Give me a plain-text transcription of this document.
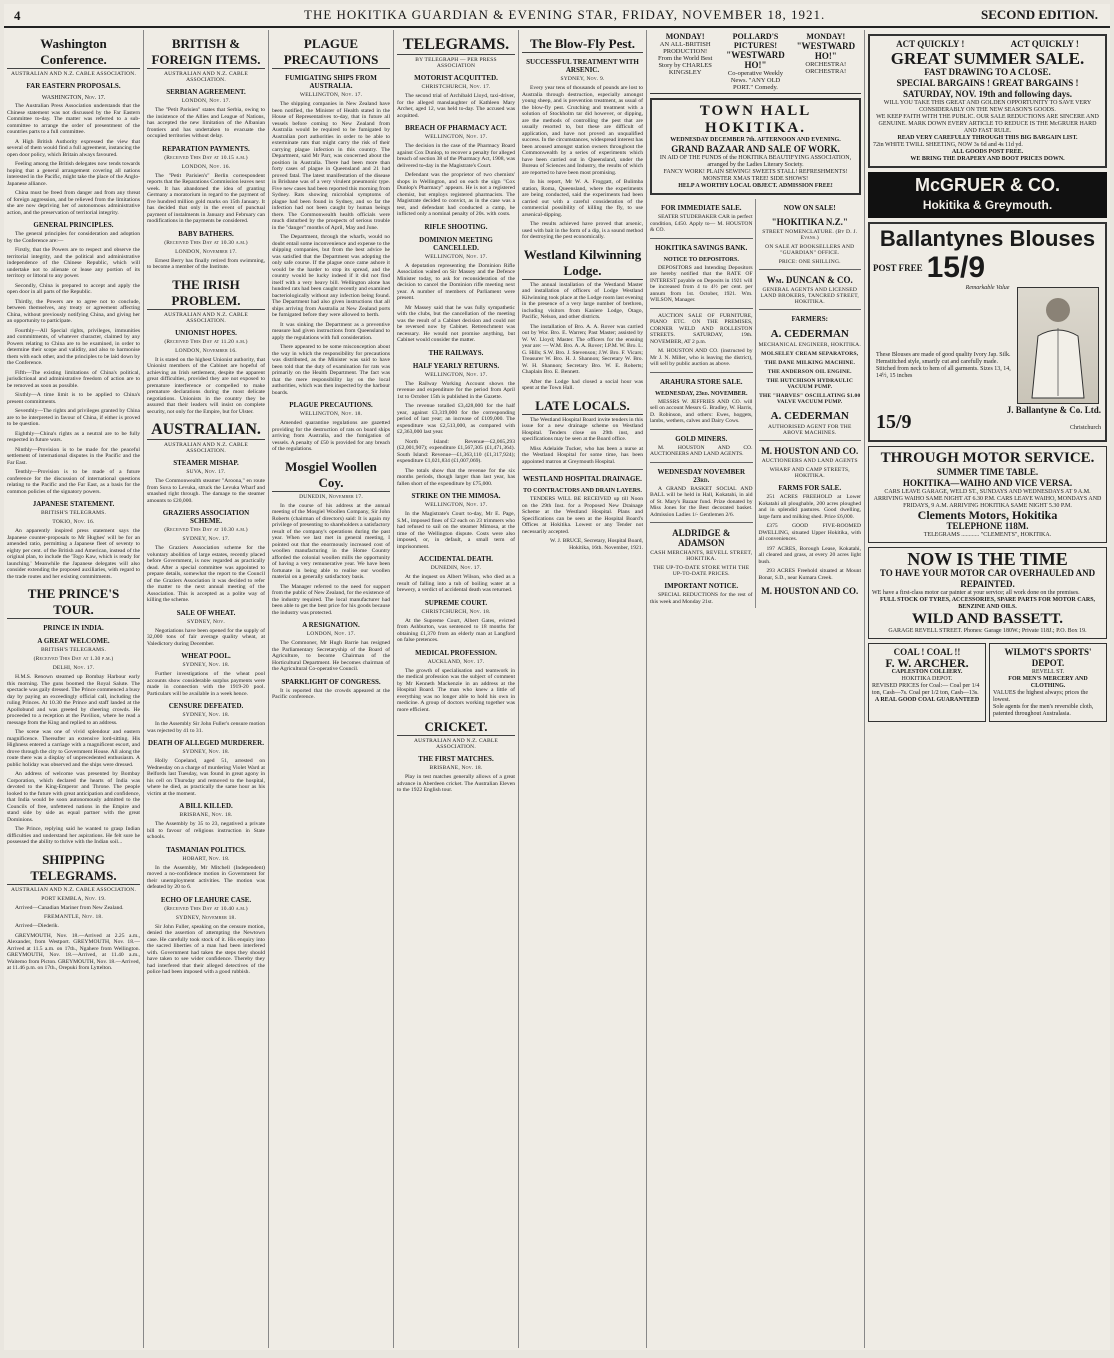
4	THE HOKITIKA GUARDIAN & EVENING STAR, FRIDAY, NOVEMBER 18, 1921.	SECOND EDITION.
Washington Conference.
AUSTRALIAN AND N.Z. CABLE ASSOCIATION.
FAR EASTERN PROPOSALS.
WASHINGTON, Nov. 17.

The Australian Press Association understands that the Chinese statement was not discussed by the Far Eastern Committee to-day. The matter was referred to a sub-committee to arrange the order of presentment of the countries parts to a full committee.

A High British Authority expressed the view that several of them would find a full agreement, instancing the open door policy, which Britain always favoured.

Feeling among the British delegates now tends towards hoping that a general arrangement covering all nations interested in the Pacific, might take the place of the Anglo-Japanese alliance.

China must be freed from danger and from any threat of foreign aggression, and be relieved from the limitations she are now depriving her of autonomous administrative action, and the preservation of territorial integrity.

GENERAL PRINCIPLES.

The general principles for consideration and adoption by the Conference are:—

Firstly, that the Powers are to respect and observe the territorial integrity, and the political and administrative independence of the Chinese Republic, which will undertake not to alienate or lease any portion of its territory or littoral to any power.

Secondly, China is prepared to accept and apply the open door in all parts of the Republic.

Thirdly, the Powers are to agree not to conclude, between themselves, any treaty or agreement affecting China, without previously notifying China, and giving her an opportunity to participate.

Fourthly—All Special rights, privileges, immunities and commitments, of whatever character, claimed by any Powers relating to China are to be examined, in order to determine their scope and validity, and also to harmonise them with each other, and the principles to be laid down by the Conference.

Fifth—The existing limitations of China's political, jurisdictional and administrative freedom of action are to be removed as soon as possible.

Sixthly—A time limit is to be applied to China's present commitments.

Seventhly—The rights and privileges granted by China are to be interpreted in favour of China, if either is proved to be question.

Eighthly—China's rights as a neutral are to be fully respected in future wars.

Ninthly—Provision is to be made for the peaceful settlement of international disputes in the Pacific and the Far East.

Tenthly—Provision is to be made of a future conference for the discussion of international questions relating to the Pacific and the Far East, as a basis for the common policies of the signatory powers.

JAPANESE STATEMENT.
BRITISH'S TELEGRAMS.
TOKIO, Nov. 16.

An apparently inspired press statement says the Japanese counter-proposals to Mr Hughes' will be for an amended ratio, permitting a Japanese fleet of seventy to eighty per cent. of the British and American, instead of the original plan, to include the 'Togo Kaw, which is ready for launching.' Meanwhile the Japanese delegates will also consider extending the proposed auxiliaries, with regard to the trade routes and her existing commitments.

THE PRINCE'S TOUR.
PRINCE IN INDIA.
A GREAT WELCOME.
BRITISH'S TELEGRAMS.
(Received This Day at 1.30 p.m.)
DELHI, Nov. 17.

H.M.S. Renown steamed up Bombay Harbour early this morning. The guns boomed the Royal Salute. The spectacle was gaily dressed. The Prince commenced a busy day by paying an exceedingly official call, including the ruling Princes. At 10.30 the Prince and staff landed at the Apollobund and was greeted by cheering crowds. He proceeded to a reception at the Pavilion, where he read a message from the King and replied to an address.

The scene was one of vivid splendour and eastern magnificence. Thereafter an extensive lord-sitting. His Highness entered a carriage with a magnificent escort, and drove through the city to Government House. All along the route there was a display of unprecedented enthusiasm. A public holiday was observed and the ships were dressed.

An address of welcome was presented by Bombay Corporation, which declared the hearts of India was devoted to the King-Emperor and Throne. The people looked to the future with great anticipation and confidence, that India would be soon autonomously admitted to the Councils of free, unfettered nations in the Empire and stand side by side as equal partner with the great Dominions.

The Prince, replying said he wanted to grasp Indian difficulties and understand her aspirations. He felt sure he possessed the ability to thrive with the Indian soil...

SHIPPING TELEGRAMS.
AUSTRALIAN AND N.Z. CABLE ASSOCIATION.
PORT KEMBLA, Nov. 19.

Arrived—Canadian Mariner from New Zealand.

FREMANTLE, Nov. 18.

Arrived—Diederik.

GREYMOUTH, Nov. 18.—Arrived at 2.25 a.m., Alexander, from Westport. GREYMOUTH, Nov. 18.—Arrived at 11.5 a.m. on 17th., Ngahere from Wellington. GREYMOUTH, Nov. 18.—Arrived, at 11.40 a.m., Waitemo from Picton. GREYMOUTH, Nov. 18.—Arrived, at 11.46 p.m. on 17th., Orepuki from Lyttelton.

BRITISH & FOREIGN ITEMS.
AUSTRALIAN AND N.Z. CABLE ASSOCIATION.
SERBIAN AGREEMENT.
LONDON, Nov. 17.

The "Petit Parisien" states that Serbia, owing to the insistence of the Allies and League of Nations, has accepted the new limitation of the Albanian frontiers and has undertaken to evacuate the occupied territories without delay.

REPARATION PAYMENTS.
(Received This Day at 10.15 a.m.)
LONDON, Nov. 16.

The "Petit Parisien's" Berlin correspondent reports that the Reparations Commission leaves next week. It has abandoned the idea of granting Germany a moratorium in regard to the payment of five hundred million gold marks on 15th January. It has decided that only in the event of punctual payment of instalments in January and February can modifications in the payments be considered.

BABY BATHERS.
(Received This Day at 10.30 a.m.)
LONDON, November 17.

Ernest Berry has finally retired from swimming, to become a member of the Institute.

THE IRISH PROBLEM.
AUSTRALIAN AND N.Z. CABLE ASSOCIATION.
UNIONIST HOPES.
(Received This Day at 11.20 a.m.)
LONDON, November 16.

It is stated on the highest Unionist authority, that Unionist members of the Cabinet are hopeful of achieving an Irish settlement, despite the apparent great difficulties, provided they are not exposed to premature interference or compelled to make premature declarations during the most delicate negotiations. Unionists in the country they be assured that their leaders will insist on complete security, not only for the Empire, but for Ulster.

AUSTRALIAN.
AUSTRALIAN AND N.Z. CABLE ASSOCIATION.
STEAMER MISHAP.
SUVA, Nov. 17.

The Commonwealth steamer "Aroona," en route from Suva to Levuka, struck the Levuka Wharf and smashed right through. The damage to the steamer amounts to £20,000.

GRAZIERS ASSOCIATION SCHEME.
(Received This Day at 10.30 a.m.)
SYDNEY, Nov. 17.

The Graziers Association scheme for the voluntary abolition of large estates, recently placed before Government, is now regarded as practically dead. After a special committee was appointed to prepare details, somewhat the report to the Council of the Graziers Association it was decided to refer the matter to the next annual meeting of the Association. This is accepted as a polite way of killing the scheme.

SALE OF WHEAT.
SYDNEY, Nov.

Negotiations have been opened for the supply of 32,000 tons of fair average quality wheat, at Valedictory during December.

WHEAT POOL.
SYDNEY, Nov. 18.

Further investigations of the wheat pool accounts show considerable surplus payments were made in connection with the 1919-20 pool. Particulars will be available in a week hence.

CENSURE DEFEATED.
SYDNEY, Nov. 18.

In the Assembly Sir John Fuller's censure motion was rejected by 41 to 31.

DEATH OF ALLEGED MURDERER.
SYDNEY, Nov. 18.

Holly Copeland, aged 51, arrested on Wednesday on a charge of murdering Violet Ward at Belfords last Tuesday, was found in great agony in his cell on Thursday and removed to the hospital, where he died, as practically the same hour as his victim at the moment.

A BILL KILLED.
BRISBANE, Nov. 18.

The Assembly by 35 to 23, negatived a private bill to favour of religious instruction in State schools.

TASMANIAN POLITICS.
HOBART, Nov. 18.

In the Assembly, Mr Mitchell (Independent) moved a no-confidence motion in Government for their unemployment activities. The motion was defeated by 20 to 6.

ECHO OF LEAHURE CASE.
(Received This Day at 10.40 a.m.)
SYDNEY, November 18.

Sir John Fuller, speaking on the censure motion, denied the assertion of attempting the Newtown case. He carefully took stock of it. His enquiry into the sacred liberties of a man had been interfered with. Government had taken the steps they should have taken to see wider confidence. Thereby they had interfered that their alleged detectives of the police had been imposed with a good rubbish.

PLAGUE PRECAUTIONS
FUMIGATING SHIPS FROM AUSTRALIA.
WELLINGTON, Nov. 17.

The shipping companies in New Zealand have been notified, the Minister of Health stated in the House of Representatives to-day, that in future all vessels before coming to New Zealand from Australia would be required to be fumigated by Australian port authorities in order to be able to exterminate rats that might carry the risk of their carrying plague infection in this country. The Department, said Mr Parr, was concerned about the position in Australia. There had been more than forty cases of plague in Queensland and 21 had proved fatal. The latest manifestation of the disease in Brisbane was of a very virulent pneumonic type. Five new cases had been reported this morning from Sydney. Rats showing microbial symptoms of plague had been found in Sydney, and so far the infection had not been caught by human beings there. The Commonwealth health officials were much disturbed by the prospects of serious trouble in the "danger" months of April, May and June.

The Department, through the wharfs, would no doubt entail some inconvenience and expense to the shipping companies, but from the best advice he was satisfied that the Department was adopting the only safe course. If the plague once came ashore it would be the harder to stop its spread, and the country would be lucky indeed if it did not find itself with a very heavy bill. Wellington alone has hundred rats had been caught recently and examined bacteriologically without any infection being found. The Department had also given instructions that all ships arriving from Australia at New Zealand ports be fumigated before they were allowed to berth.

It was sinking the Department as a preventive measure had given instructions from Queensland to apply the regulations with full consideration.

There appeared to be some misconception about the way in which the responsibility for precautions was distributed, as the Minister was said to have been told that the duty of examination for rats was primarily on the Health Department. The fact was that the mere responsibility lay on the local authorities, which was then inspected by the harbour boards.

PLAGUE PRECAUTIONS.
WELLINGTON, Nov. 18.

Amended quarantine regulations are gazetted providing for the destruction of rats on board ships arriving from Australia, and the fumigation of vessels. A penalty of £50 is provided for any breach of the regulations.

Mosgiel Woollen Coy.
DUNEDIN, November 17.

In the course of his address at the annual meeting of the Mosgiel Woollen Company, Sir John Roberts (chairman of directors) said: It is again my privilege of presenting to shareholders a satisfactory result of the company's operations during the past year. When we last met in general meeting, I pointed out that the enormously increased cost of woollen manufacturing in the Home Country afforded the colonial woollen mills the opportunity of having a very remunerative year. We have been fortunate in being able to realise our woollen material on a generally satisfactory basis.

The Manager referred to the need for support from the public of New Zealand, for the existence of the industry required. The local manufacturer had been able to get the best price for his goods because the industry was protected.

A RESIGNATION.
LONDON, Nov. 17.

The Commoner, Mr Hugh Barrie has resigned the Parliamentary Secretaryship of the Board of Agriculture, to become Chairman of the Horticultural Department. He becomes chairman of the Agricultural Co-operative Council.

SPARKLIGHT OF CONGRESS.

It is reported that the crowds appeared at the Pacific conference.

TELEGRAMS.
BY TELEGRAPH — PER PRESS ASSOCIATION
MOTORIST ACQUITTED.
CHRISTCHURCH, Nov. 17.

The second trial of Archibald Lloyd, taxi-driver, for the alleged manslaughter of Kathleen Mary Archer, aged 12, was held to-day. The accused was acquitted.

BREACH OF PHARMACY ACT.
WELLINGTON, Nov. 17.

The decision in the case of the Pharmacy Board against Cox Dunlop, to recover a penalty for alleged breach of section 38 of the Pharmacy Act, 1908, was delivered to-day in the Magistrate's Court.

Defendant was the proprietor of two chemists' shops in Wellington, and on each the sign "Cox Dunlop's Pharmacy" appears. He is not a registered chemist, but employs registered pharmacists. The Magistrate decided to convict, as in the case was a test, and defendant had conducted a camp, he inflicted only a nominal penalty of 20s. with costs.

RIFLE SHOOTING.
DOMINION MEETING CANCELLED.
WELLINGTON, Nov. 17.

A deputation representing the Dominion Rifle Association waited on Sir Massey and the Defence Minister today, to ask for reconsideration of the decision to cancel the Dominion rifle meeting next year. A number of members of Parliament were present.

Mr Massey said that he was fully sympathetic with the clubs, but the cancellation of the meeting was the result of a Cabinet decision and could not be reversed now by Cabinet. Retrenchment was necessary. He would not promise anything, but Cabinet would consider the matter.

THE RAILWAYS.
HALF YEARLY RETURNS.
WELLINGTON, Nov. 17.

The Railway Working Account shows the revenue and expenditure for the period from April 1st to October 15th is published in the Gazette.

The revenue totalled £3,428,000 for the half year, against £3,319,000 for the corresponding period of last year; an increase of £109,000. The expenditure was £2,513,000, as compared with £2,363,000 last year.

North Island: Revenue—£2,065,293 (£2,001,907); expenditure £1,567,305 (£1,471,364). South Island: Revenue—£1,363,110 (£1,317,924); expenditure £1,021,834 (£1,007,069).

The totals show that the revenue for the six months periods, though larger than last year, has fallen short of the expenditure by £75,000.

STRIKE ON THE MIMOSA.
WELLINGTON, Nov. 17.

In the Magistrate's Court to-day, Mr E. Page, S.M., imposed fines of £2 each on 23 trimmers who had refused to sail on the steamer Mimosa, at the time of the Wellington dispute. Costs were also imposed, or, in default, a small term of imprisonment.

ACCIDENTAL DEATH.
DUNEDIN, Nov. 17.

At the inquest on Albert Wilson, who died as a result of falling into a tub of boiling water at a brewery, a verdict of accidental death was returned.

SUPREME COURT.
CHRISTCHURCH, Nov. 18.

At the Supreme Court, Albert Gates, evicted from Ashburton, was sentenced to 18 months for obtaining £1,370 from an elderly man at Langford on false pretences.

MEDICAL PROFESSION.
AUCKLAND, Nov. 17.

The growth of specialisation and teamwork in the medical profession was the subject of comment by Mr Kenneth Mackenzie in an address at the Hospital Board. The man who knew a little of everything was no longer able to hold his own in medicine. A group of doctors working together was more efficient.

CRICKET.
AUSTRALIAN AND N.Z. CABLE ASSOCIATION.
THE FIRST MATCHES.
BRISBANE, Nov. 18.

Play in test matches generally allows of a great advance in Aberdeen cricket. The Australian Eleven to the 1922 English tour.

The Blow-Fly Pest.
SUCCESSFUL TREATMENT WITH ARSENIC.
SYDNEY, Nov. 9.

Every year tens of thousands of pounds are lost to Australia through destruction, especially amongst young sheep, and is prevention treatment, as usual of the blow-fly pest. Crutching and treatment with a solution of Stockholm tar did however, or dipping, are the methods of controlling the pest that are usually resorted to, but these are difficult of application, and have not proved an unqualified success. In the circumstances, widespread interest has been aroused amongst station owners throughout the Commonwealth by a series of experiments which have been carried out in Queensland, under the Bureau of Sciences and Industry, the results of which are reported to have been most promising.

In his report, Mr W. A. Froggatt, of Bulimba station, Roma, Queensland, where the experiments are being conducted, said the experiments had been carried out with a careful consideration of the commercial possibility of killing the fly, to use arsenical-dipping.

The results achieved have proved that arsenic, used with bait in the form of a dip, is a sound method for destroying the pest economically.

Westland Kilwinning Lodge.

The annual installation of the Westland Master and installation of officers of Lodge Westland Kilwinning took place at the Lodge room last evening in the presence of a very large number of brethren, including visitors from Kaniere Lodge, Otago, Pacific, Nelson, and other districts.

The installation of Bro. A. A. Rover was carried out by Wor. Bro. E. Warren; Past Master; assisted by W. W. Lloyd; Master. The officers for the ensuing year are: — W.M. Bro. A. A. Rover; I.P.M. W. Bro. L. G. Hills; S.W. Bro. J. Stevenson; J.W. Bro. F. Vicars; Treasurer W. Bro. H. J. Shannon; Secretary W. Bro. W. H. Shannon; Secretary Bro. W. E. Roberts; Chaplain Bro. E. Bennett.

After the Lodge had closed a social hour was spent at the Town Hall.

LATE LOCALS.

The Westland Hospital Board invite tenders in this issue for a new drainage scheme on Westland Hospital. Tenders close on 29th inst, and specifications may be seen at the Board office.

Miss Adelaide Tucker, who has been a nurse at the Westland Hospital for some time, has been appointed matron at Greymouth Hospital.

WESTLAND HOSPITAL DRAINAGE.
TO CONTRACTORS AND DRAIN LAYERS.

TENDERS WILL BE RECEIVED up till Noon on the 29th Inst. for a Proposed New Drainage Scheme at the Westland Hospital. Plans and Specifications can be seen at the Hospital Board's Offices at Hokitika. Lowest or any Tender not necessarily accepted.

W. J. BRUCE, Secretary, Hospital Board, Hokitika, 16th. November, 1921.

MONDAY!
AN ALL-BRITISH PRODUCTION!
From the World Best Story by CHARLES KINGSLEY
POLLARD'S PICTURES!
"WESTWARD HO!"
Co-operative Weekly News. "ANY OLD PORT." Comedy.
MONDAY!
"WESTWARD HO!"
ORCHESTRA! ORCHESTRA!
TOWN HALL HOKITIKA.
WEDNESDAY DECEMBER 7th. AFTERNOON AND EVENING.
GRAND BAZAAR AND SALE OF WORK.
IN AID OF THE FUNDS of the HOKITIKA BEAUTIFYING ASSOCIATION, arranged by the Ladies Literary Society.
FANCY WORK! PLAIN SEWING! SWEETS STALL! REFRESHMENTS! MONSTER XMAS TREE! SIDE SHOWS!
HELP A WORTHY LOCAL OBJECT. ADMISSION FREE!
FOR IMMEDIATE SALE.

SEATER STUDEBAKER CAR in perfect condition, £450. Apply to— M. HOUSTON & CO.

HOKITIKA SAVINGS BANK.
NOTICE TO DEPOSITORS.

DEPOSITORS and Intending Depositors are hereby notified that the RATE OF INTEREST payable on Deposits in 1921 will be increased from 4 to 4½ per cent. per annum from 1st. October, 1921. Wm. WILSON, Manager.

AUCTION SALE OF FURNITURE, PIANO ETC. ON THE PREMISES, CORNER WELD AND ROLLESTON STREETS. SATURDAY, 19th. NOVEMBER, AT 2 p.m.

M. HOUSTON AND CO. (instructed by Mr J. N. Miller, who is leaving the district), will sell by public auction as above.

ARAHURA STORE SALE.
WEDNESDAY, 23rd. NOVEMBER.

MESSRS W. JEFFRIES AND CO. will sell on account Messrs G. Bradley, W. Harris, D. Robinson, and others: Ewes, hoggets, lambs, wethers, calves and Dairy Cows.

GOLD MINERS.

M. HOUSTON AND CO. AUCTIONEERS AND LAND AGENTS.

WEDNESDAY NOVEMBER 23rd.

A GRAND BASKET SOCIAL AND BALL will be held in Hall, Kokatahi, in aid of St. Mary's Bazaar fund. Prize donated by Miss Jones for the Best decorated basket. Admission Ladies 1/- Gentlemen 2/6.

ALDRIDGE & ADAMSON
CASH MERCHANTS, REVELL STREET, HOKITIKA.
THE UP-TO-DATE STORE WITH THE UP-TO-DATE PRICES.
IMPORTANT NOTICE.

SPECIAL REDUCTIONS for the rest of this week and Monday 21st.

NOW ON SALE!
"HOKITIKA N.Z."
STREET NOMENCLATURE. (By D. J. Evans.)
ON SALE AT BOOKSELLERS AND "GUARDIAN" OFFICE.
PRICE: ONE SHILLING.
Wm. DUNCAN & CO.
GENERAL AGENTS AND LICENSED LAND BROKERS, TANCRED STREET, HOKITIKA.
FARMERS:
A. CEDERMAN
MECHANICAL ENGINEER, HOKITIKA.
MOLSELEY CREAM SEPARATORS,
THE DANE MILKING MACHINE.
THE ANDERSON OIL ENGINE.
THE HUTCHISON HYDRAULIC VACUUM PUMP.
THE "HARVES" OSCILLATING $1.00 VALVE VACUUM PUMP.
A. CEDERMAN
AUTHORISED AGENT FOR THE ABOVE MACHINES.
M. HOUSTON AND CO.
AUCTIONEERS AND LAND AGENTS
WHARF AND CAMP STREETS, HOKITIKA.
FARMS FOR SALE.

251 ACRES FREEHOLD at Lower Kokatahi all ploughable, 200 acres ploughed and in splendid pastures. Good dwelling, large farm and milking shed. Price £6,000.

£375 GOOD FIVE-ROOMED DWELLING, situated Upper Hokitika, with all conveniences.

197 ACRES, Borough Lease, Kokatahi, all cleared and grass, at every 20 acres light bush.

293 ACRES Freehold situated at Mount Bonar, S.D., near Kumara Creek.

M. HOUSTON AND CO.
ACT QUICKLY !	ACT QUICKLY !
GREAT SUMMER SALE.
FAST DRAWING TO A CLOSE.
SPECIAL BARGAINS ! GREAT BARGAINS !
SATURDAY, NOV. 19th and following days.
WILL YOU TAKE THIS GREAT AND GOLDEN OPPORTUNITY TO SAVE VERY CONSIDERABLY ON THE NEW SEASON'S GOODS.
WE KEEP FAITH WITH THE PUBLIC. OUR SALE REDUCTIONS ARE SINCERE AND GENUINE. MARK DOWN EVERY ARTICLE TO REDUCE IS THE McGRUER HARD AND FAST RULE.
READ VERY CAREFULLY THROUGH THIS BIG BARGAIN LIST.
72in WHITE TWILL SHEETING, NOW 3s 6d and 4s 11d yd.
ALL GOODS POST FREE.
WE BRING THE DRAPERY AND BOOT PRICES DOWN.
McGRUER & CO.
Hokitika & Greymouth.
Ballantynes Blouses
POST FREE 15/9
Remarkable Value
These Blouses are made of good quality Ivory Jap. Silk. Hemstitched style, smartly cut and carefully made. Stitched from neck to hem of all garments. Sizes 13, 14, 14½, 15 inches
15/9
J. Ballantyne & Co. Ltd.
Christchurch
THROUGH MOTOR SERVICE.
SUMMER TIME TABLE.
HOKITIKA—WAIHO AND VICE VERSA.
CARS LEAVE GARAGE, WELD ST., SUNDAYS AND WEDNESDAYS AT 9 A.M. ARRIVING WAIHO SAME NIGHT AT 6.30 P.M. CARS LEAVE WAIHO, MONDAYS AND FRIDAYS, 9 A.M. ARRIVING HOKITIKA SAME NIGHT 5.30 P.M.
Clements Motors, Hokitika
TELEPHONE 118M.
TELEGRAMS ............ "CLEMENTS", HOKITIKA.
NOW IS THE TIME
TO HAVE YOUR MOTOR CAR OVERHAULED AND REPAINTED.
WE have a first-class motor car painter at your service; all work done on the premises.
FULL STOCK OF TYRES, ACCESSORIES, SPARE PARTS FOR MOTOR CARS, BENZINE AND OILS.
WILD AND BASSETT.
GARAGE REVELL STREET. Phones: Garage 180W.; Private 118J.; P.O. Box 19.
COAL ! COAL !!
F. W. ARCHER.
CAPLESTON COLLIERY.
HOKITIKA DEPOT.
REVISED PRICES for Coal:— Coal per 1/4 ton, Cash—7s. Coal per 1/2 ton, Cash—13s.
A REAL GOOD COAL GUARANTEED
WILMOT'S SPORTS' DEPOT.
REVELL ST.
FOR MEN'S MERCERY AND CLOTHING.
VALUES the highest always; prices the lowest.
Sole agents for the men's reversible cloth, patented throughout Australasia.
